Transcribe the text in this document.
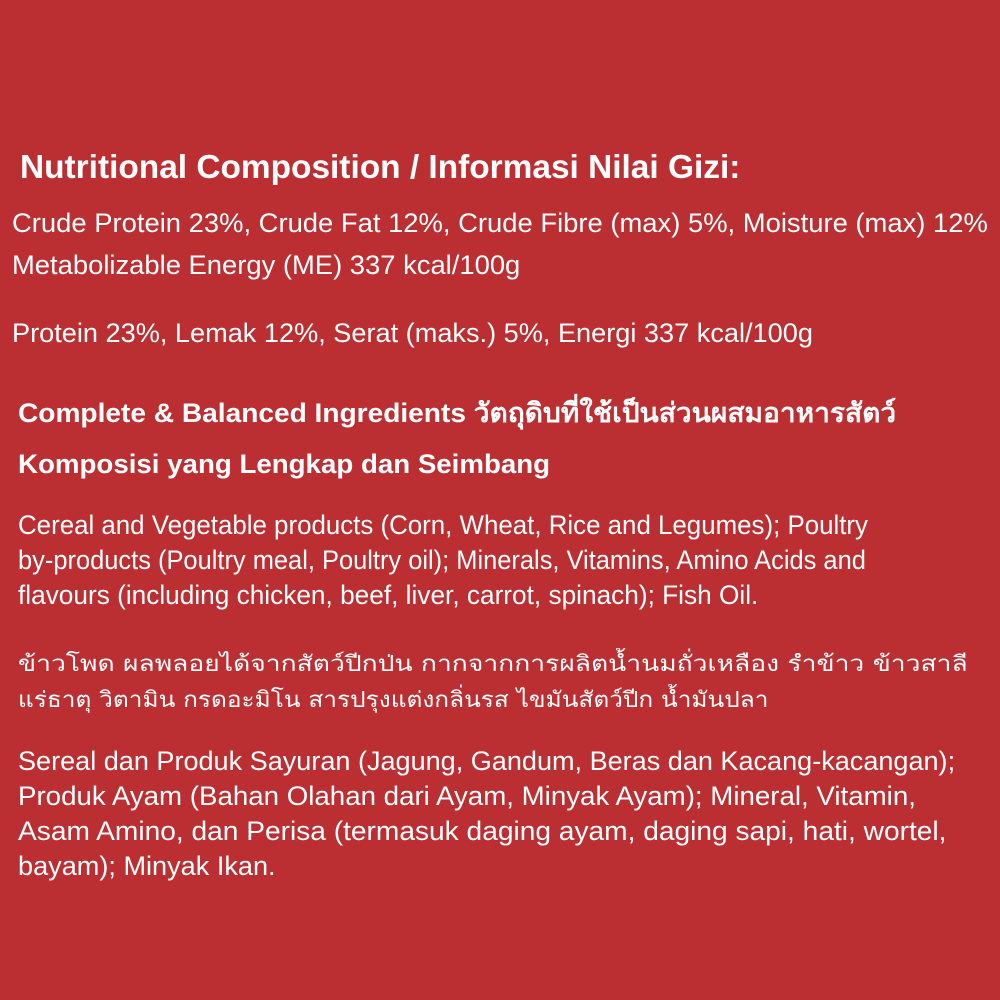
Nutritional Composition / Informasi Nilai Gizi:
Crude Protein 23%, Crude Fat 12%, Crude Fibre (max) 5%, Moisture (max) 12%
Metabolizable Energy (ME) 337 kcal/100g
Protein 23%, Lemak 12%, Serat (maks.) 5%, Energi 337 kcal/100g
Complete & Balanced Ingredients วัตถุดิบที่ใช้เป็นส่วนผสมอาหารสัตว์
Komposisi yang Lengkap dan Seimbang
Cereal and Vegetable products (Corn, Wheat, Rice and Legumes); Poultry
by-products (Poultry meal, Poultry oil); Minerals, Vitamins, Amino Acids and
flavours (including chicken, beef, liver, carrot, spinach); Fish Oil.
ข้าวโพด ผลพลอยได้จากสัตว์ปีกป่น กากจากการผลิตน้ำนมถั่วเหลือง รำข้าว ข้าวสาลี
แร่ธาตุ วิตามิน กรดอะมิโน สารปรุงแต่งกลิ่นรส ไขมันสัตว์ปีก น้ำมันปลา
Sereal dan Produk Sayuran (Jagung, Gandum, Beras dan Kacang-kacangan);
Produk Ayam (Bahan Olahan dari Ayam, Minyak Ayam); Mineral, Vitamin,
Asam Amino, dan Perisa (termasuk daging ayam, daging sapi, hati, wortel,
bayam); Minyak Ikan.
